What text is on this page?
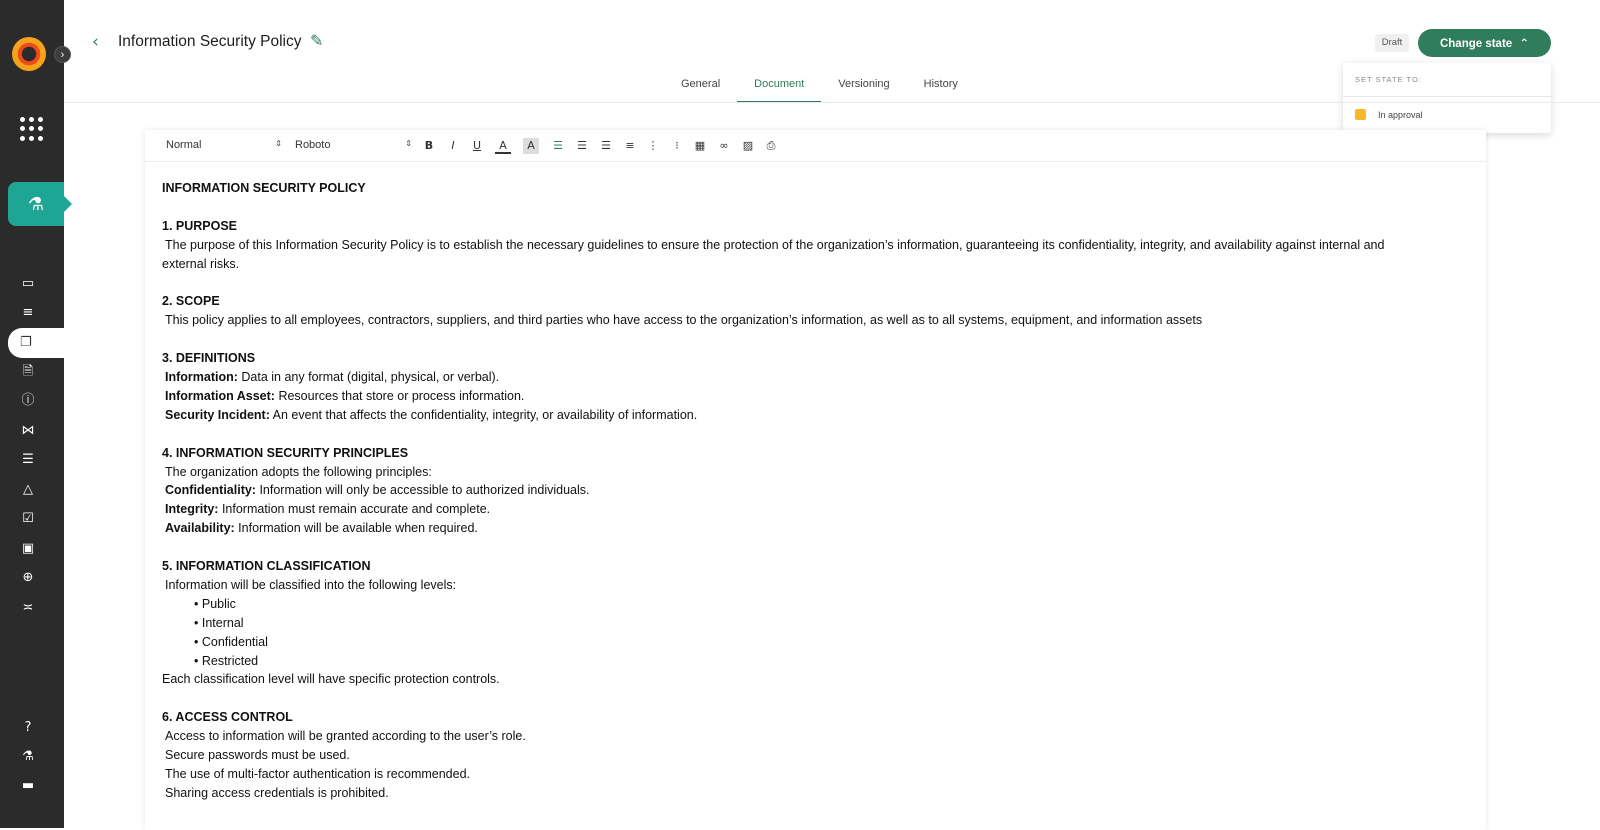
›
⚗
▭
≡
❐
🗎
ⓘ
⋈
☰
△
☑
▣
⊕
≍
?
⚗
▬
‹ Information Security Policy ✎	Draft	Change state ⌃
SET STATE TO:
In approval
General	Document	Versioning	History
Normal	⇕ Roboto	⇕	B	I	U	A	A	☰ ☰ ☰	≡	⋮	⁝	▦	∞	▨	⎙

INFORMATION SECURITY POLICY

1. PURPOSE

The purpose of this Information Security Policy is to establish the necessary guidelines to ensure the protection of the organization’s information, guaranteeing its confidentiality, integrity, and availability against internal and

external risks.

2. SCOPE

This policy applies to all employees, contractors, suppliers, and third parties who have access to the organization’s information, as well as to all systems, equipment, and information assets

3. DEFINITIONS

Information: Data in any format (digital, physical, or verbal).

Information Asset: Resources that store or process information.

Security Incident: An event that affects the confidentiality, integrity, or availability of information.

4. INFORMATION SECURITY PRINCIPLES

The organization adopts the following principles:

Confidentiality: Information will only be accessible to authorized individuals.

Integrity: Information must remain accurate and complete.

Availability: Information will be available when required.

5. INFORMATION CLASSIFICATION

Information will be classified into the following levels:

• Public

• Internal

• Confidential

• Restricted

Each classification level will have specific protection controls.

6. ACCESS CONTROL

Access to information will be granted according to the user’s role.

Secure passwords must be used.

The use of multi-factor authentication is recommended.

Sharing access credentials is prohibited.
